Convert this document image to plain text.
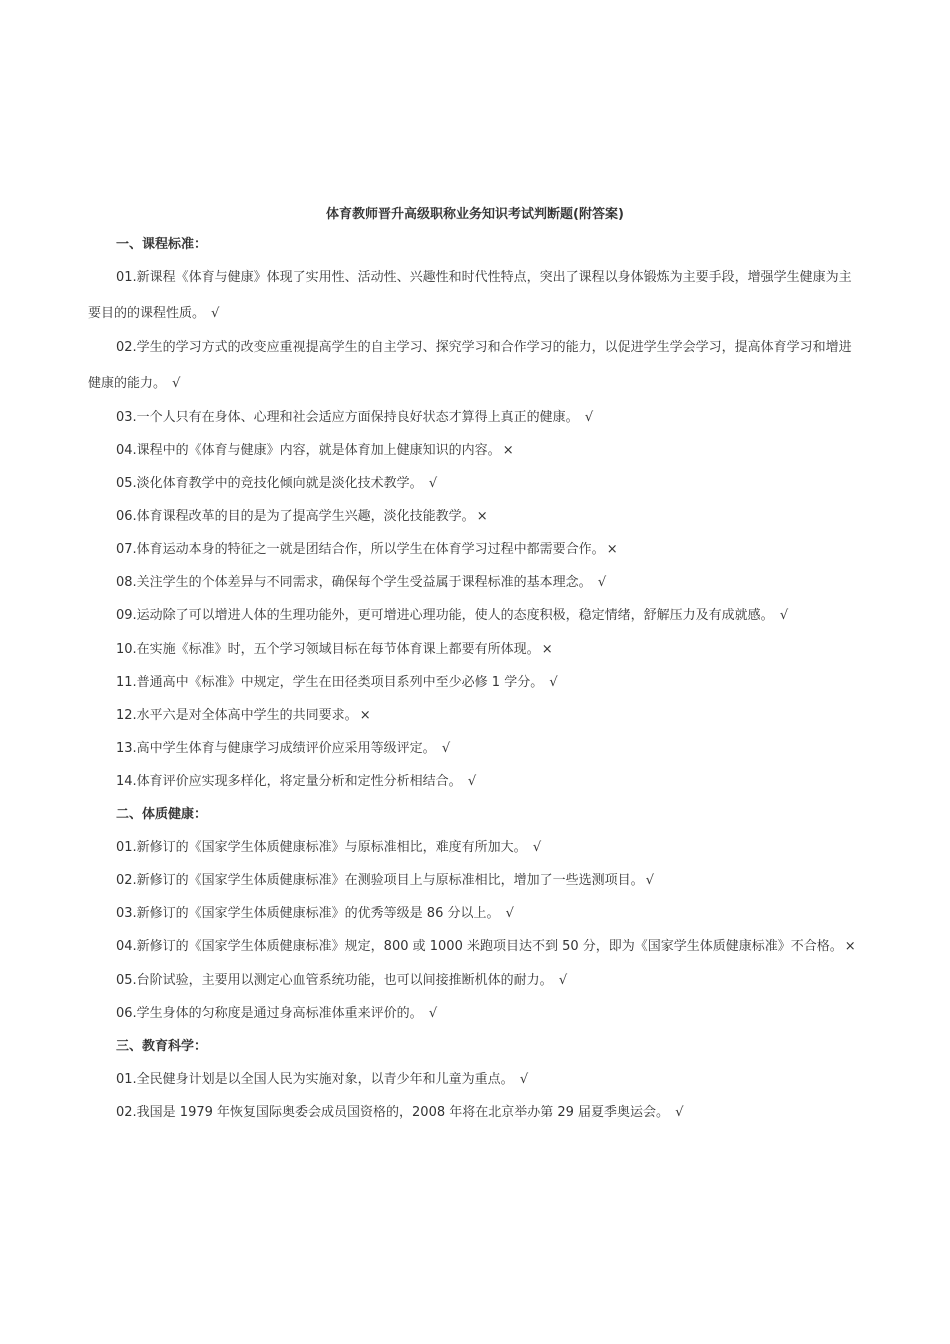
体育教师晋升高级职称业务知识考试判断题(附答案)

一、课程标准：

01.新课程《体育与健康》体现了实用性、活动性、兴趣性和时代性特点，突出了课程以身体锻炼为主要手段，增强学生健康为主要目的的课程性质。 √

02.学生的学习方式的改变应重视提高学生的自主学习、探究学习和合作学习的能力，以促进学生学会学习，提高体育学习和增进健康的能力。 √

03.一个人只有在身体、心理和社会适应方面保持良好状态才算得上真正的健康。 √

04.课程中的《体育与健康》内容，就是体育加上健康知识的内容。 ×

05.淡化体育教学中的竞技化倾向就是淡化技术教学。 √

06.体育课程改革的目的是为了提高学生兴趣，淡化技能教学。 ×

07.体育运动本身的特征之一就是团结合作，所以学生在体育学习过程中都需要合作。 ×

08.关注学生的个体差异与不同需求，确保每个学生受益属于课程标准的基本理念。 √

09.运动除了可以增进人体的生理功能外，更可增进心理功能，使人的态度积极，稳定情绪，舒解压力及有成就感。 √

10.在实施《标准》时，五个学习领域目标在每节体育课上都要有所体现。 ×

11.普通高中《标准》中规定，学生在田径类项目系列中至少必修 1 学分。 √

12.水平六是对全体高中学生的共同要求。 ×

13.高中学生体育与健康学习成绩评价应采用等级评定。 √

14.体育评价应实现多样化，将定量分析和定性分析相结合。 √

二、体质健康：

01.新修订的《国家学生体质健康标准》与原标准相比，难度有所加大。 √

02.新修订的《国家学生体质健康标准》在测验项目上与原标准相比，增加了一些选测项目。 √

03.新修订的《国家学生体质健康标准》的优秀等级是 86 分以上。 √

04.新修订的《国家学生体质健康标准》规定，800 或 1000 米跑项目达不到 50 分，即为《国家学生体质健康标准》不合格。 ×

05.台阶试验，主要用以测定心血管系统功能，也可以间接推断机体的耐力。 √

06.学生身体的匀称度是通过身高标准体重来评价的。 √

三、教育科学：

01.全民健身计划是以全国人民为实施对象，以青少年和儿童为重点。 √

02.我国是 1979 年恢复国际奥委会成员国资格的，2008 年将在北京举办第 29 届夏季奥运会。 √
